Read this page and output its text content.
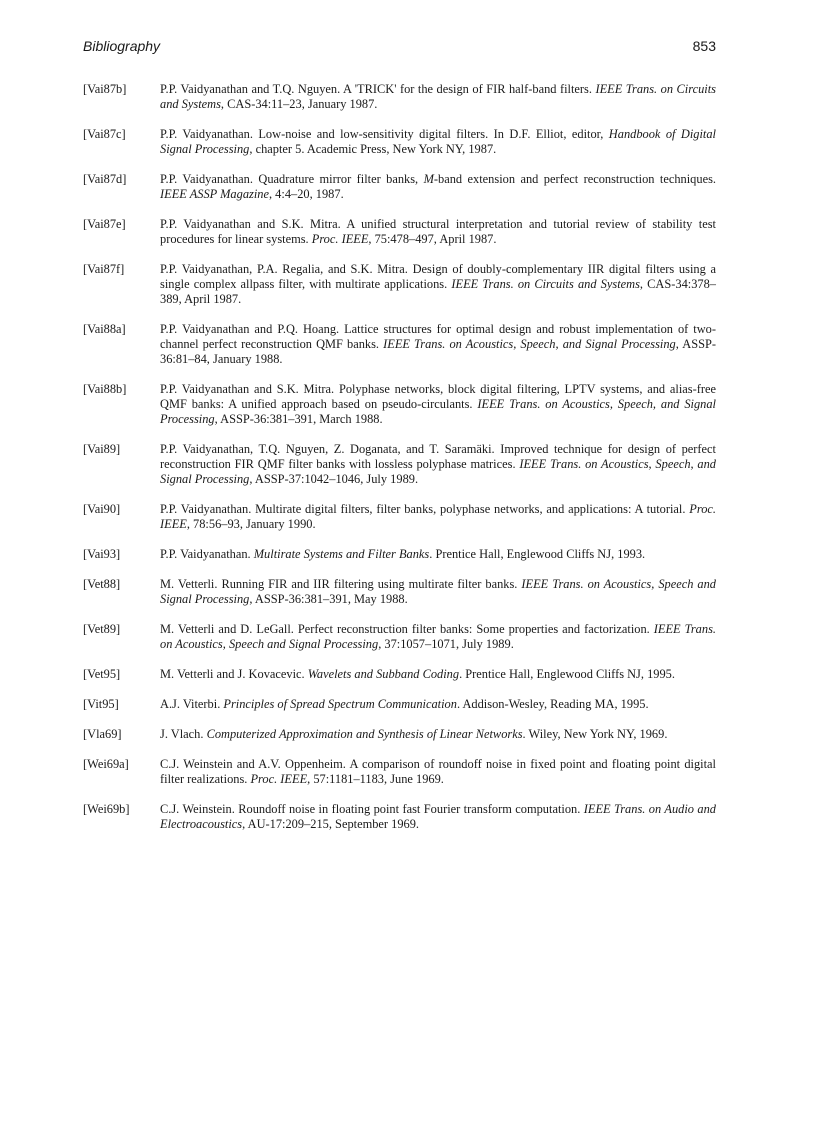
Bibliography	853
[Vai87b]	P.P. Vaidyanathan and T.Q. Nguyen. A 'TRICK' for the design of FIR half-band filters. IEEE Trans. on Circuits and Systems, CAS-34:11–23, January 1987.
[Vai87c]	P.P. Vaidyanathan. Low-noise and low-sensitivity digital filters. In D.F. Elliot, editor, Handbook of Digital Signal Processing, chapter 5. Academic Press, New York NY, 1987.
[Vai87d]	P.P. Vaidyanathan. Quadrature mirror filter banks, M-band extension and perfect reconstruction techniques. IEEE ASSP Magazine, 4:4–20, 1987.
[Vai87e]	P.P. Vaidyanathan and S.K. Mitra. A unified structural interpretation and tutorial review of stability test procedures for linear systems. Proc. IEEE, 75:478–497, April 1987.
[Vai87f]	P.P. Vaidyanathan, P.A. Regalia, and S.K. Mitra. Design of doubly-complementary IIR digital filters using a single complex allpass filter, with multirate applications. IEEE Trans. on Circuits and Systems, CAS-34:378–389, April 1987.
[Vai88a]	P.P. Vaidyanathan and P.Q. Hoang. Lattice structures for optimal design and robust implementation of two-channel perfect reconstruction QMF banks. IEEE Trans. on Acoustics, Speech, and Signal Processing, ASSP-36:81–84, January 1988.
[Vai88b]	P.P. Vaidyanathan and S.K. Mitra. Polyphase networks, block digital filtering, LPTV systems, and alias-free QMF banks: A unified approach based on pseudo-circulants. IEEE Trans. on Acoustics, Speech, and Signal Processing, ASSP-36:381–391, March 1988.
[Vai89]	P.P. Vaidyanathan, T.Q. Nguyen, Z. Doganata, and T. Saramäki. Improved technique for design of perfect reconstruction FIR QMF filter banks with lossless polyphase matrices. IEEE Trans. on Acoustics, Speech, and Signal Processing, ASSP-37:1042–1046, July 1989.
[Vai90]	P.P. Vaidyanathan. Multirate digital filters, filter banks, polyphase networks, and applications: A tutorial. Proc. IEEE, 78:56–93, January 1990.
[Vai93]	P.P. Vaidyanathan. Multirate Systems and Filter Banks. Prentice Hall, Englewood Cliffs NJ, 1993.
[Vet88]	M. Vetterli. Running FIR and IIR filtering using multirate filter banks. IEEE Trans. on Acoustics, Speech and Signal Processing, ASSP-36:381–391, May 1988.
[Vet89]	M. Vetterli and D. LeGall. Perfect reconstruction filter banks: Some properties and factorization. IEEE Trans. on Acoustics, Speech and Signal Processing, 37:1057–1071, July 1989.
[Vet95]	M. Vetterli and J. Kovacevic. Wavelets and Subband Coding. Prentice Hall, Englewood Cliffs NJ, 1995.
[Vit95]	A.J. Viterbi. Principles of Spread Spectrum Communication. Addison-Wesley, Reading MA, 1995.
[Vla69]	J. Vlach. Computerized Approximation and Synthesis of Linear Networks. Wiley, New York NY, 1969.
[Wei69a]	C.J. Weinstein and A.V. Oppenheim. A comparison of roundoff noise in fixed point and floating point digital filter realizations. Proc. IEEE, 57:1181–1183, June 1969.
[Wei69b] C.J. Weinstein. Roundoff noise in floating point fast Fourier transform computation. IEEE Trans. on Audio and Electroacoustics, AU-17:209–215, September 1969.
